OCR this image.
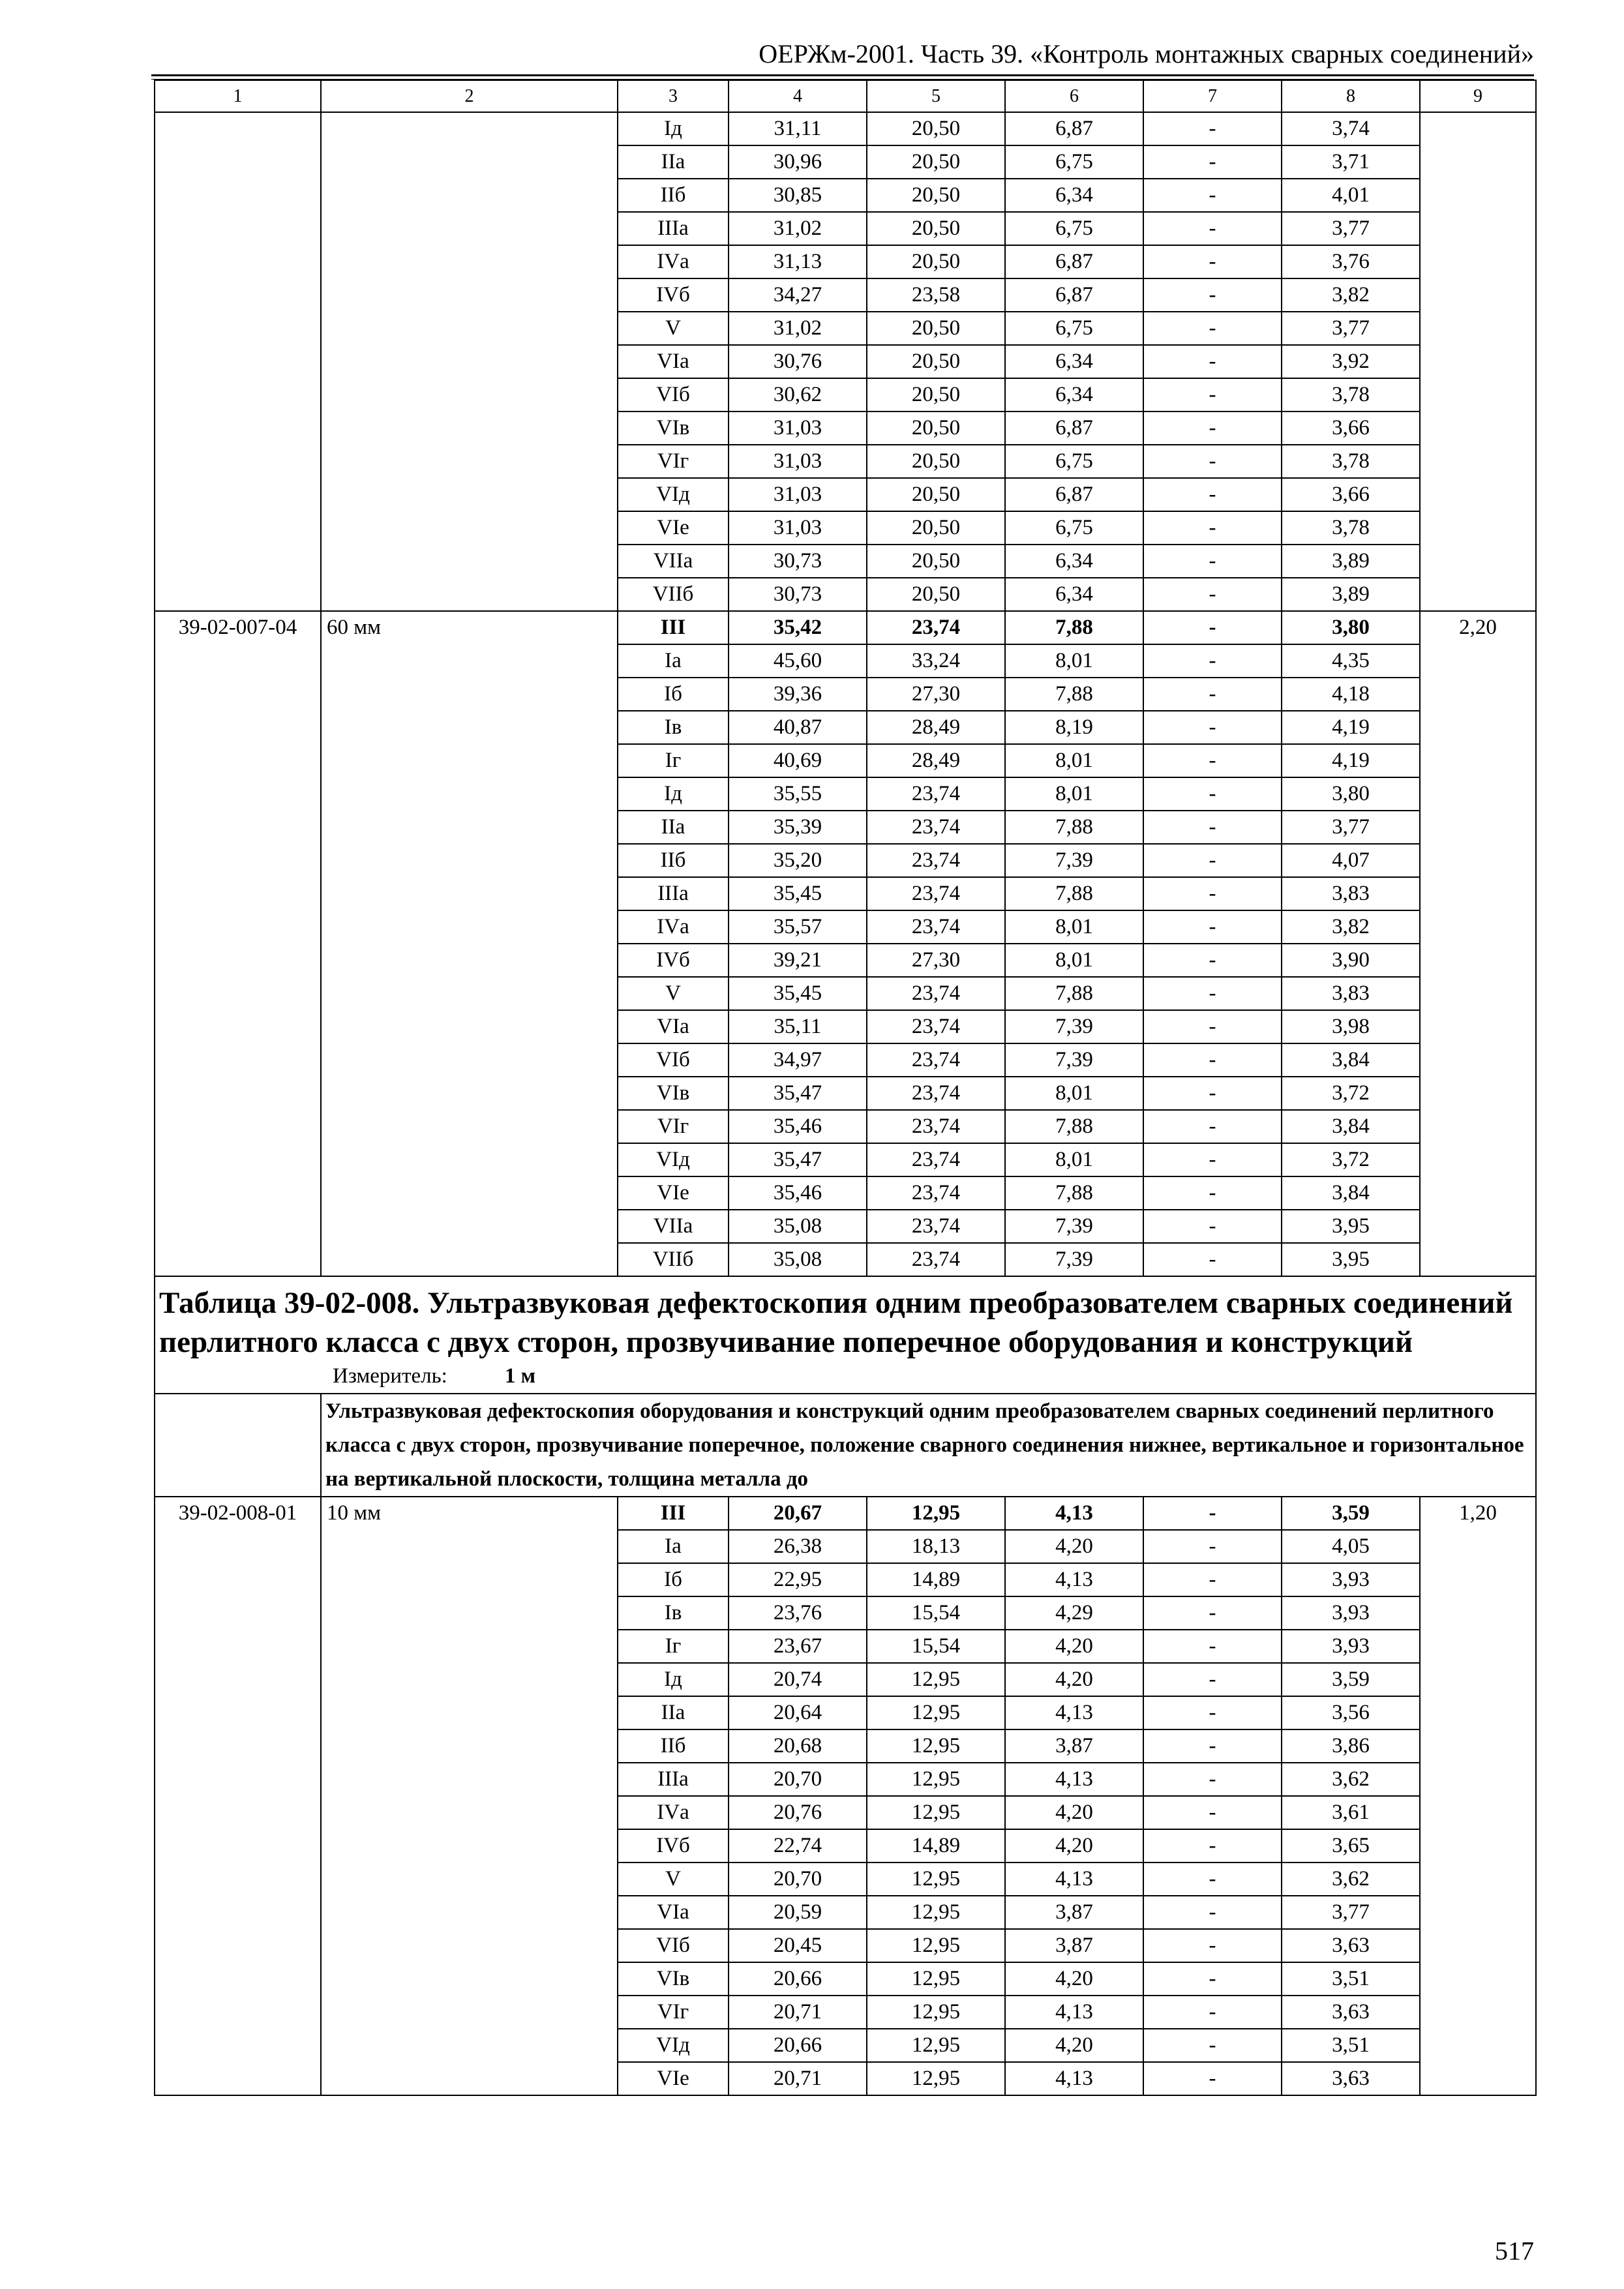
ОЕРЖм-2001. Часть 39. «Контроль монтажных сварных соединений»
1	2	3	4	5	6	7	8	9
		Iд	31,11	20,50	6,87	-	3,74	
		IIа	30,96	20,50	6,75	-	3,71	
		IIб	30,85	20,50	6,34	-	4,01	
		IIIа	31,02	20,50	6,75	-	3,77	
		IVа	31,13	20,50	6,87	-	3,76	
		IVб	34,27	23,58	6,87	-	3,82	
		V	31,02	20,50	6,75	-	3,77	
		VIа	30,76	20,50	6,34	-	3,92	
		VIб	30,62	20,50	6,34	-	3,78	
		VIв	31,03	20,50	6,87	-	3,66	
		VIг	31,03	20,50	6,75	-	3,78	
		VIд	31,03	20,50	6,87	-	3,66	
		VIе	31,03	20,50	6,75	-	3,78	
		VIIа	30,73	20,50	6,34	-	3,89	
		VIIб	30,73	20,50	6,34	-	3,89	
39-02-007-04	60 мм	III	35,42	23,74	7,88	-	3,80	2,20
		Iа	45,60	33,24	8,01	-	4,35	
		Iб	39,36	27,30	7,88	-	4,18	
		Iв	40,87	28,49	8,19	-	4,19	
		Iг	40,69	28,49	8,01	-	4,19	
		Iд	35,55	23,74	8,01	-	3,80	
		IIа	35,39	23,74	7,88	-	3,77	
		IIб	35,20	23,74	7,39	-	4,07	
		IIIа	35,45	23,74	7,88	-	3,83	
		IVа	35,57	23,74	8,01	-	3,82	
		IVб	39,21	27,30	8,01	-	3,90	
		V	35,45	23,74	7,88	-	3,83	
		VIа	35,11	23,74	7,39	-	3,98	
		VIб	34,97	23,74	7,39	-	3,84	
		VIв	35,47	23,74	8,01	-	3,72	
		VIг	35,46	23,74	7,88	-	3,84	
		VIд	35,47	23,74	8,01	-	3,72	
		VIе	35,46	23,74	7,88	-	3,84	
		VIIа	35,08	23,74	7,39	-	3,95	
		VIIб	35,08	23,74	7,39	-	3,95	

Таблица 39-02-008. Ультразвуковая дефектоскопия одним преобразователем сварных соединений перлитного класса с двух сторон, прозвучивание поперечное оборудования и конструкций
Измеритель: 1 м								

	Ультразвуковая дефектоскопия оборудования и конструкций одним преобразователем сварных соединений перлитного класса с двух сторон, прозвучивание поперечное, положение сварного соединения нижнее, вертикальное и горизонтальное на вертикальной плоскости, толщина металла до							
39-02-008-01	10 мм	III	20,67	12,95	4,13	-	3,59	1,20
		Iа	26,38	18,13	4,20	-	4,05	
		Iб	22,95	14,89	4,13	-	3,93	
		Iв	23,76	15,54	4,29	-	3,93	
		Iг	23,67	15,54	4,20	-	3,93	
		Iд	20,74	12,95	4,20	-	3,59	
		IIа	20,64	12,95	4,13	-	3,56	
		IIб	20,68	12,95	3,87	-	3,86	
		IIIа	20,70	12,95	4,13	-	3,62	
		IVа	20,76	12,95	4,20	-	3,61	
		IVб	22,74	14,89	4,20	-	3,65	
		V	20,70	12,95	4,13	-	3,62	
		VIа	20,59	12,95	3,87	-	3,77	
		VIб	20,45	12,95	3,87	-	3,63	
		VIв	20,66	12,95	4,20	-	3,51	
		VIг	20,71	12,95	4,13	-	3,63	
		VIд	20,66	12,95	4,20	-	3,51	
		VIе	20,71	12,95	4,13	-	3,63	
517
